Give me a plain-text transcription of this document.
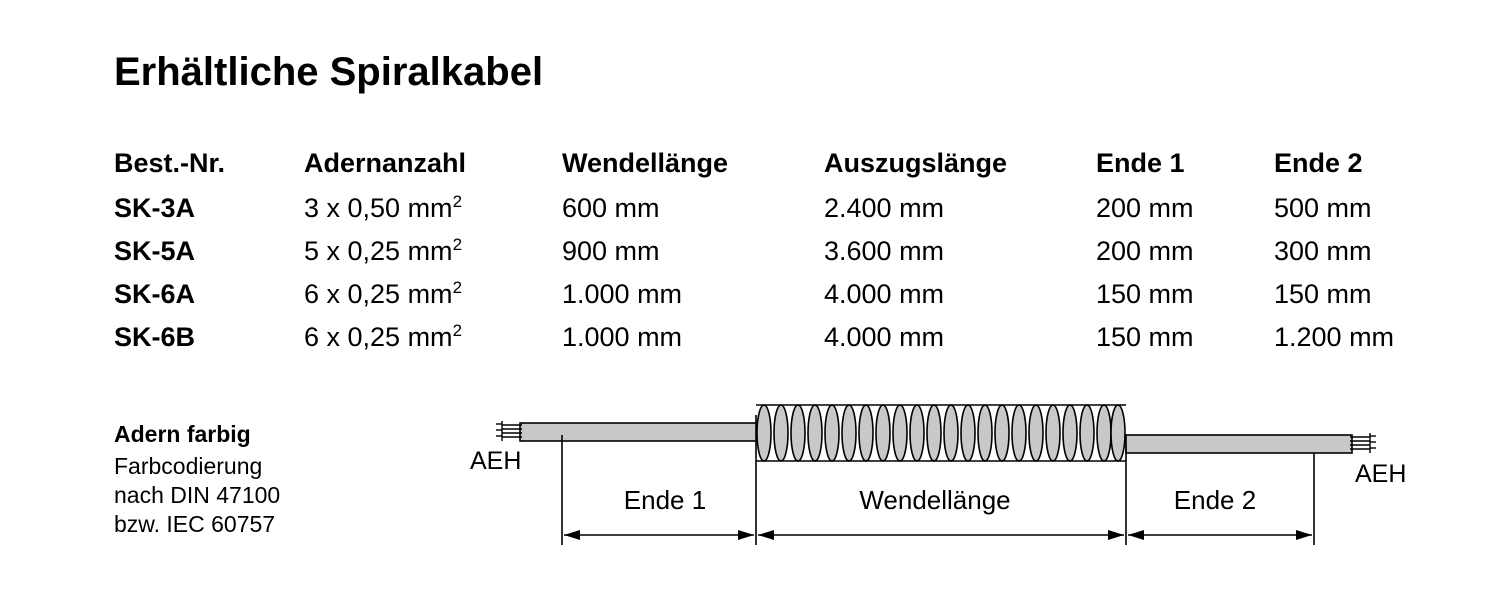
Erhältliche Spiralkabel
Best.-Nr.	Adernanzahl	Wendellänge	Auszugslänge	Ende 1	Ende 2
SK-3A	3 x 0,50 $mm^2$	600 mm	2.400 mm	200 mm	500 mm
SK-5A	5 x 0,25 $mm^2$	900 mm	3.600 mm	200 mm	300 mm
SK-6A	6 x 0,25 $mm^2$	1.000 mm	4.000 mm	150 mm	150 mm
SK-6B	6 x 0,25 $mm^2$	1.000 mm	4.000 mm	150 mm	1.200 mm
Adern farbig
Farbcodierung
nach DIN 47100
bzw. IEC 60757
AEH	AEH
Ende 1	Wendellänge	Ende 2
